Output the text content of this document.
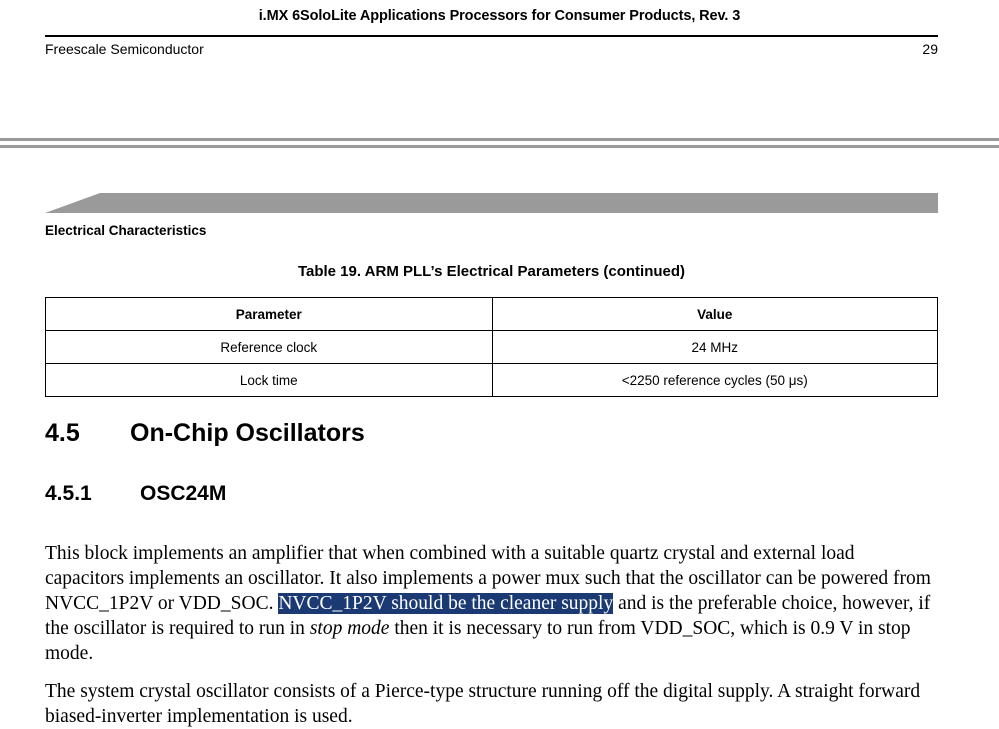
i.MX 6SoloLite Applications Processors for Consumer Products, Rev. 3
Freescale Semiconductor	29
Electrical Characteristics
Table 19. ARM PLL’s Electrical Parameters (continued)
Parameter	Value
Reference clock	24 MHz
Lock time	<2250 reference cycles (50 μs)
4.5 On-Chip Oscillators
4.5.1 OSC24M

This block implements an amplifier that when combined with a suitable quartz crystal and external load capacitors implements an oscillator. It also implements a power mux such that the oscillator can be powered from NVCC_1P2V or VDD_SOC. NVCC_1P2V should be the cleaner supply and is the preferable choice, however, if the oscillator is required to run in stop mode then it is necessary to run from VDD_SOC, which is 0.9 V in stop mode.

The system crystal oscillator consists of a Pierce-type structure running off the digital supply. A straight forward biased-inverter implementation is used.
